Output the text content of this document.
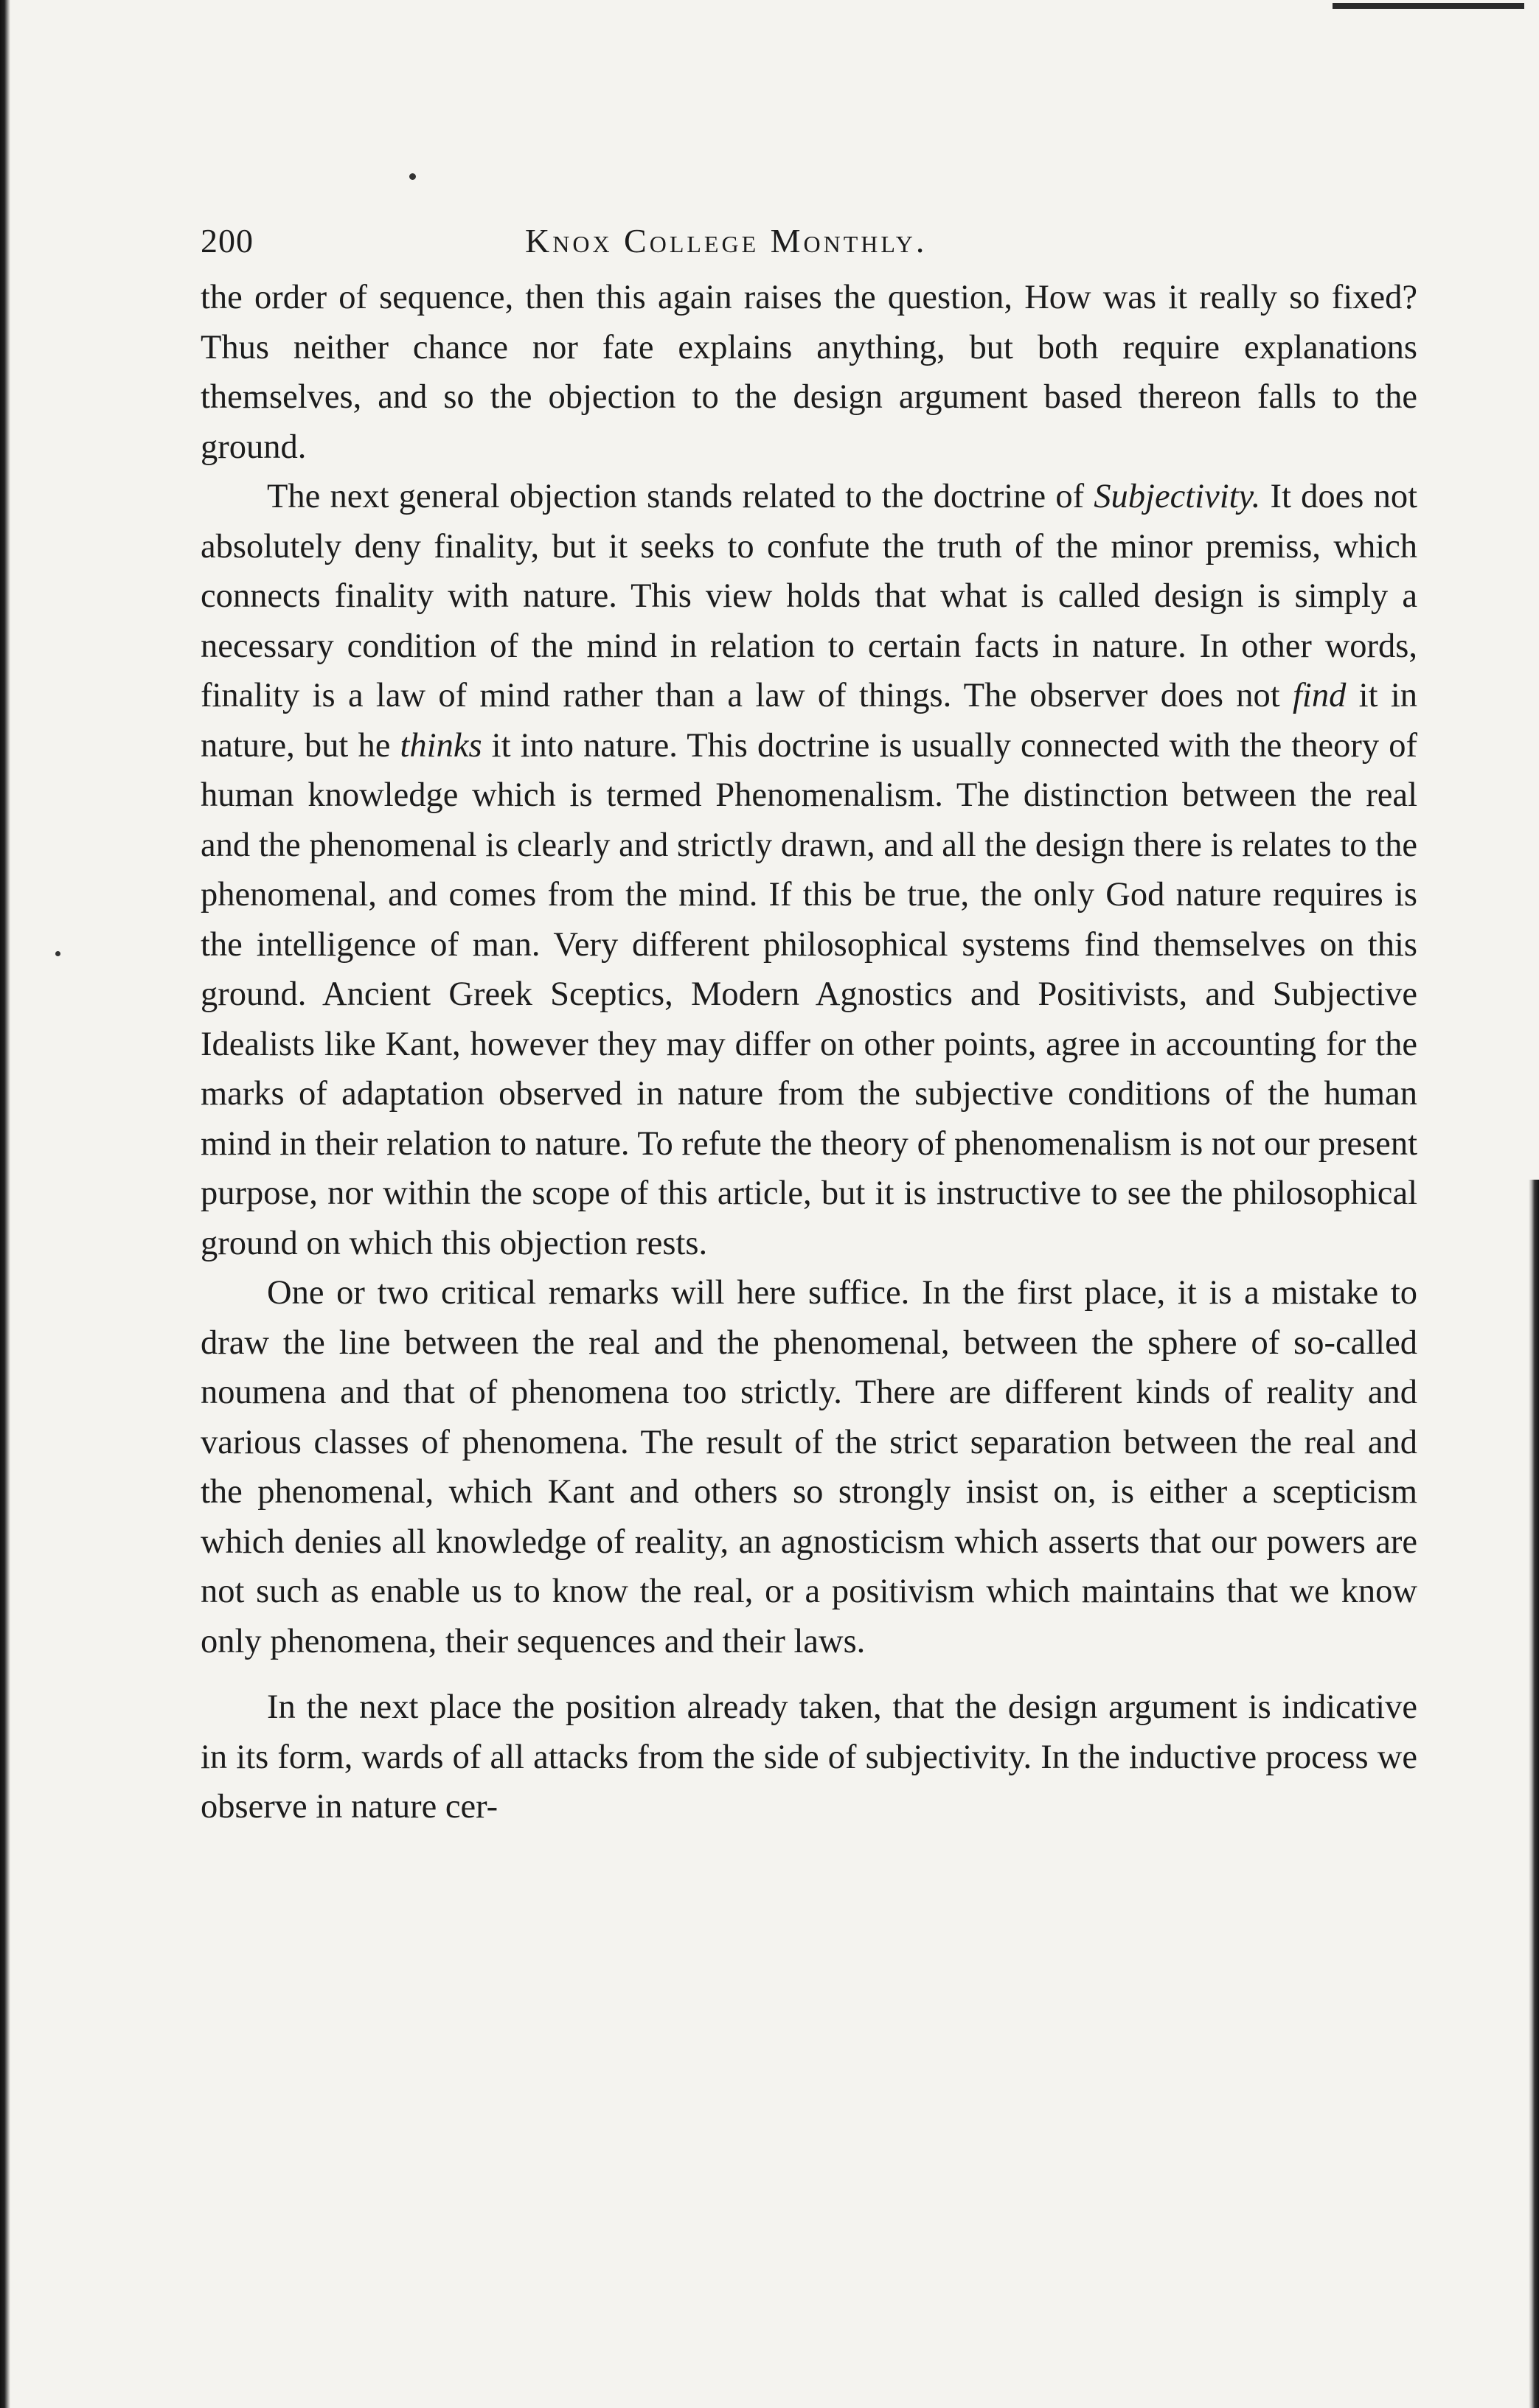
200	Knox College Monthly.

the order of sequence, then this again raises the question, How was it really so fixed? Thus neither chance nor fate explains anything, but both require explanations themselves, and so the objection to the design argument based thereon falls to the ground.

The next general objection stands related to the doctrine of Subjectivity. It does not absolutely deny finality, but it seeks to confute the truth of the minor premiss, which connects finality with nature. This view holds that what is called design is simply a necessary condition of the mind in relation to certain facts in nature. In other words, finality is a law of mind rather than a law of things. The observer does not find it in nature, but he thinks it into nature. This doctrine is usually connected with the theory of human knowledge which is termed Phenomenalism. The distinction between the real and the phenomenal is clearly and strictly drawn, and all the design there is relates to the phenomenal, and comes from the mind. If this be true, the only God nature requires is the intelligence of man. Very different philosophical systems find themselves on this ground. Ancient Greek Sceptics, Modern Agnostics and Positivists, and Subjective Idealists like Kant, however they may differ on other points, agree in accounting for the marks of adaptation observed in nature from the subjective conditions of the human mind in their relation to nature. To refute the theory of phenomenalism is not our present purpose, nor within the scope of this article, but it is instructive to see the philosophical ground on which this objection rests.

One or two critical remarks will here suffice. In the first place, it is a mistake to draw the line between the real and the phenomenal, between the sphere of so-called noumena and that of phenomena too strictly. There are different kinds of reality and various classes of phenomena. The result of the strict separation between the real and the phenomenal, which Kant and others so strongly insist on, is either a scepticism which denies all knowledge of reality, an agnosticism which asserts that our powers are not such as enable us to know the real, or a positivism which maintains that we know only phenomena, their sequences and their laws.

In the next place the position already taken, that the design argument is indicative in its form, wards of all attacks from the side of subjectivity. In the inductive process we observe in nature cer-
